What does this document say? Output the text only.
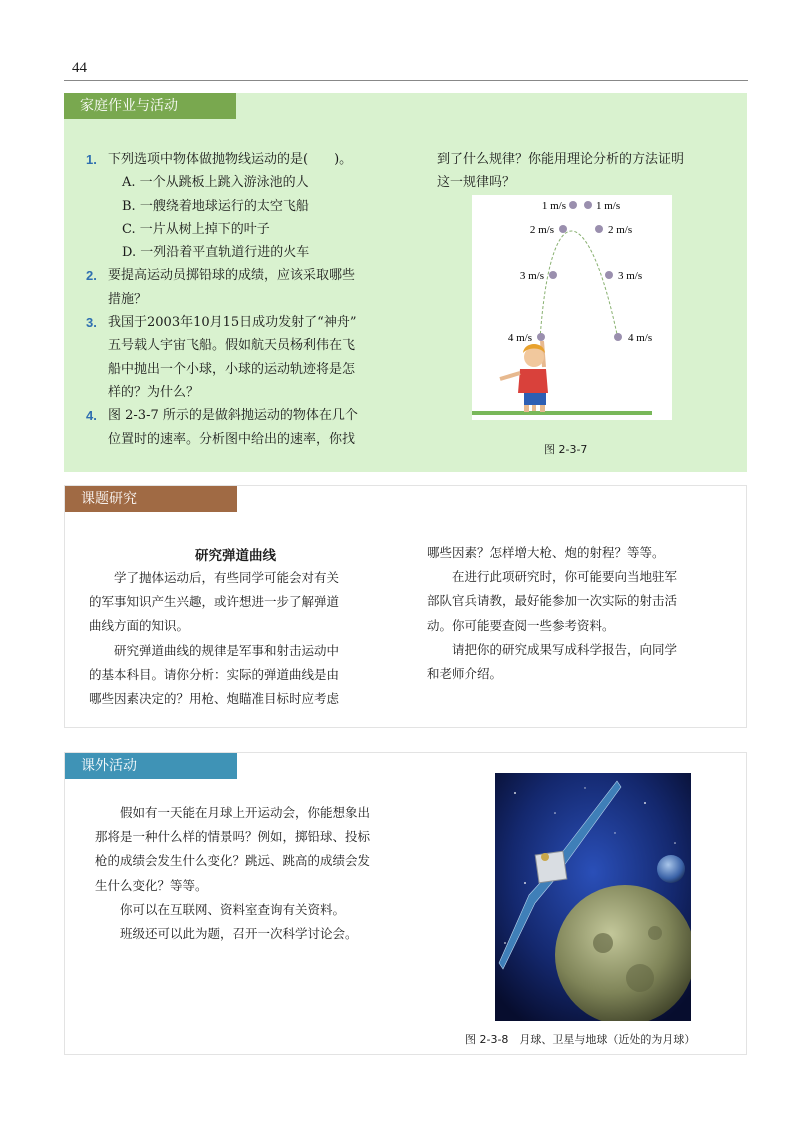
44
家庭作业与活动
1. 下列选项中物体做抛物线运动的是(　　)。
A. 一个从跳板上跳入游泳池的人
B. 一艘绕着地球运行的太空飞船
C. 一片从树上掉下的叶子
D. 一列沿着平直轨道行进的火车
2. 要提高运动员掷铅球的成绩，应该采取哪些
措施？
3. 我国于2003年10月15日成功发射了“神舟”
五号载人宇宙飞船。假如航天员杨利伟在飞
船中抛出一个小球，小球的运动轨迹将是怎
样的？为什么？
4. 图 2-3-7 所示的是做斜抛运动的物体在几个
位置时的速率。分析图中给出的速率，你找
到了什么规律？你能用理论分析的方法证明
这一规律吗？
1 m/s	1 m/s
2 m/s	2 m/s
3 m/s	3 m/s
4 m/s	4 m/s
图 2-3-7
课题研究
研究弹道曲线
学了抛体运动后，有些同学可能会对有关
的军事知识产生兴趣，或许想进一步了解弹道
曲线方面的知识。
研究弹道曲线的规律是军事和射击运动中
的基本科目。请你分析：实际的弹道曲线是由
哪些因素决定的？用枪、炮瞄准目标时应考虑
哪些因素？怎样增大枪、炮的射程？等等。
在进行此项研究时，你可能要向当地驻军
部队官兵请教，最好能参加一次实际的射击活
动。你可能要查阅一些参考资料。
请把你的研究成果写成科学报告，向同学
和老师介绍。
课外活动
假如有一天能在月球上开运动会，你能想象出
那将是一种什么样的情景吗？例如，掷铅球、投标
枪的成绩会发生什么变化？跳远、跳高的成绩会发
生什么变化？等等。
你可以在互联网、资料室查询有关资料。
班级还可以此为题，召开一次科学讨论会。
图 2-3-8　月球、卫星与地球（近处的为月球）
